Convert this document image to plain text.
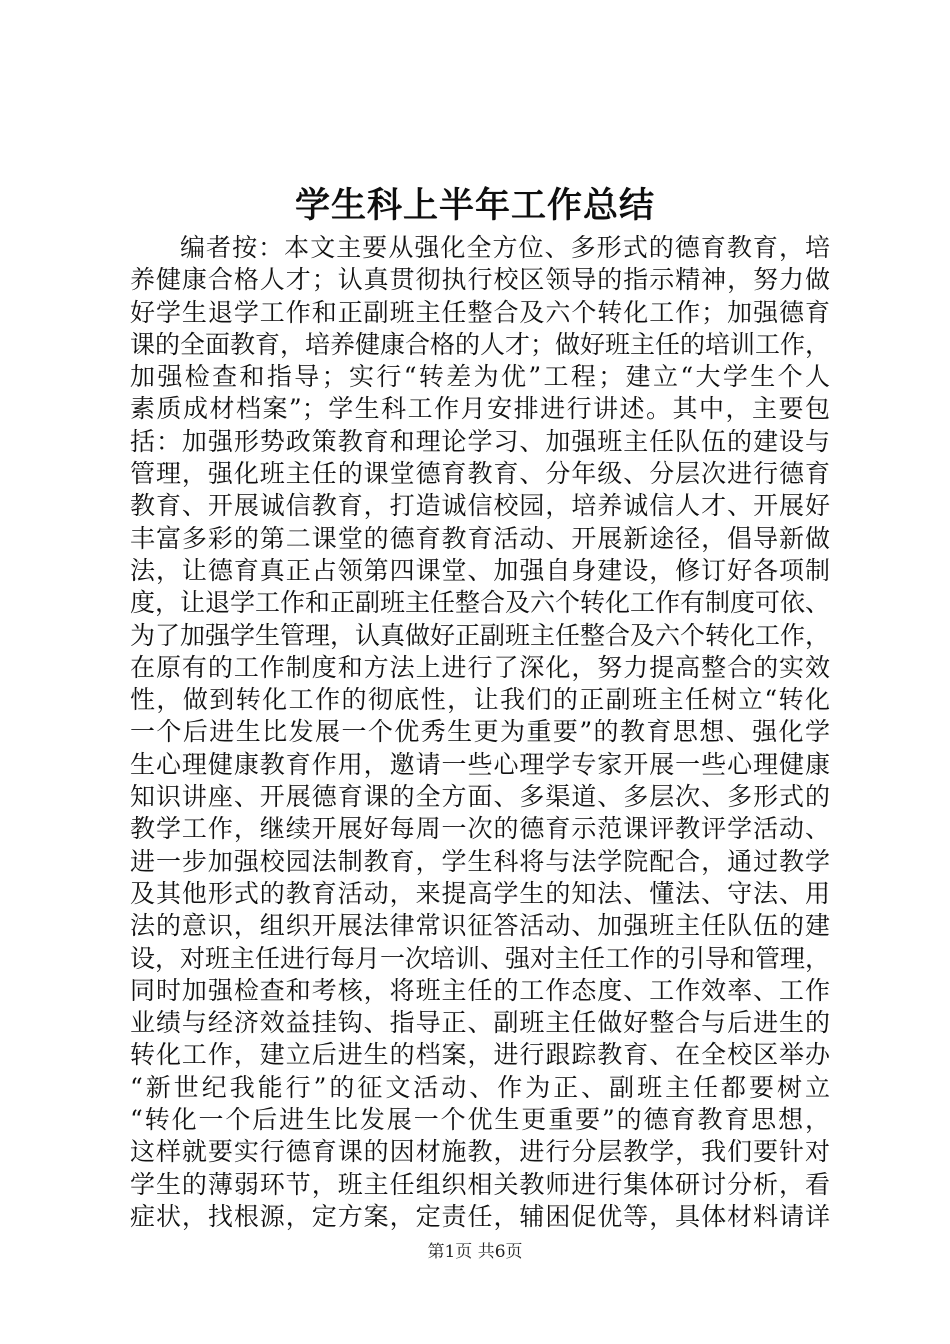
学生科上半年工作总结
编者按：本文主要从强化全方位、多形式的德育教育，培
养健康合格人才；认真贯彻执行校区领导的指示精神，努力做
好学生退学工作和正副班主任整合及六个转化工作；加强德育
课的全面教育，培养健康合格的人才；做好班主任的培训工作，
加强检查和指导；实行“转差为优”工程；建立“大学生个人
素质成材档案”；学生科工作月安排进行讲述。其中，主要包
括：加强形势政策教育和理论学习、加强班主任队伍的建设与
管理，强化班主任的课堂德育教育、分年级、分层次进行德育
教育、开展诚信教育，打造诚信校园，培养诚信人才、开展好
丰富多彩的第二课堂的德育教育活动、开展新途径，倡导新做
法，让德育真正占领第四课堂、加强自身建设，修订好各项制
度，让退学工作和正副班主任整合及六个转化工作有制度可依、
为了加强学生管理，认真做好正副班主任整合及六个转化工作，
在原有的工作制度和方法上进行了深化，努力提高整合的实效
性，做到转化工作的彻底性，让我们的正副班主任树立“转化
一个后进生比发展一个优秀生更为重要”的教育思想、强化学
生心理健康教育作用，邀请一些心理学专家开展一些心理健康
知识讲座、开展德育课的全方面、多渠道、多层次、多形式的
教学工作，继续开展好每周一次的德育示范课评教评学活动、
进一步加强校园法制教育，学生科将与法学院配合，通过教学
及其他形式的教育活动，来提高学生的知法、懂法、守法、用
法的意识，组织开展法律常识征答活动、加强班主任队伍的建
设，对班主任进行每月一次培训、强对主任工作的引导和管理，
同时加强检查和考核，将班主任的工作态度、工作效率、工作
业绩与经济效益挂钩、指导正、副班主任做好整合与后进生的
转化工作，建立后进生的档案，进行跟踪教育、在全校区举办
“新世纪我能行”的征文活动、作为正、副班主任都要树立
“转化一个后进生比发展一个优生更重要”的德育教育思想，
这样就要实行德育课的因材施教，进行分层教学，我们要针对
学生的薄弱环节，班主任组织相关教师进行集体研讨分析，看
症状，找根源，定方案，定责任，辅困促优等，具体材料请详
第1页 共6页
